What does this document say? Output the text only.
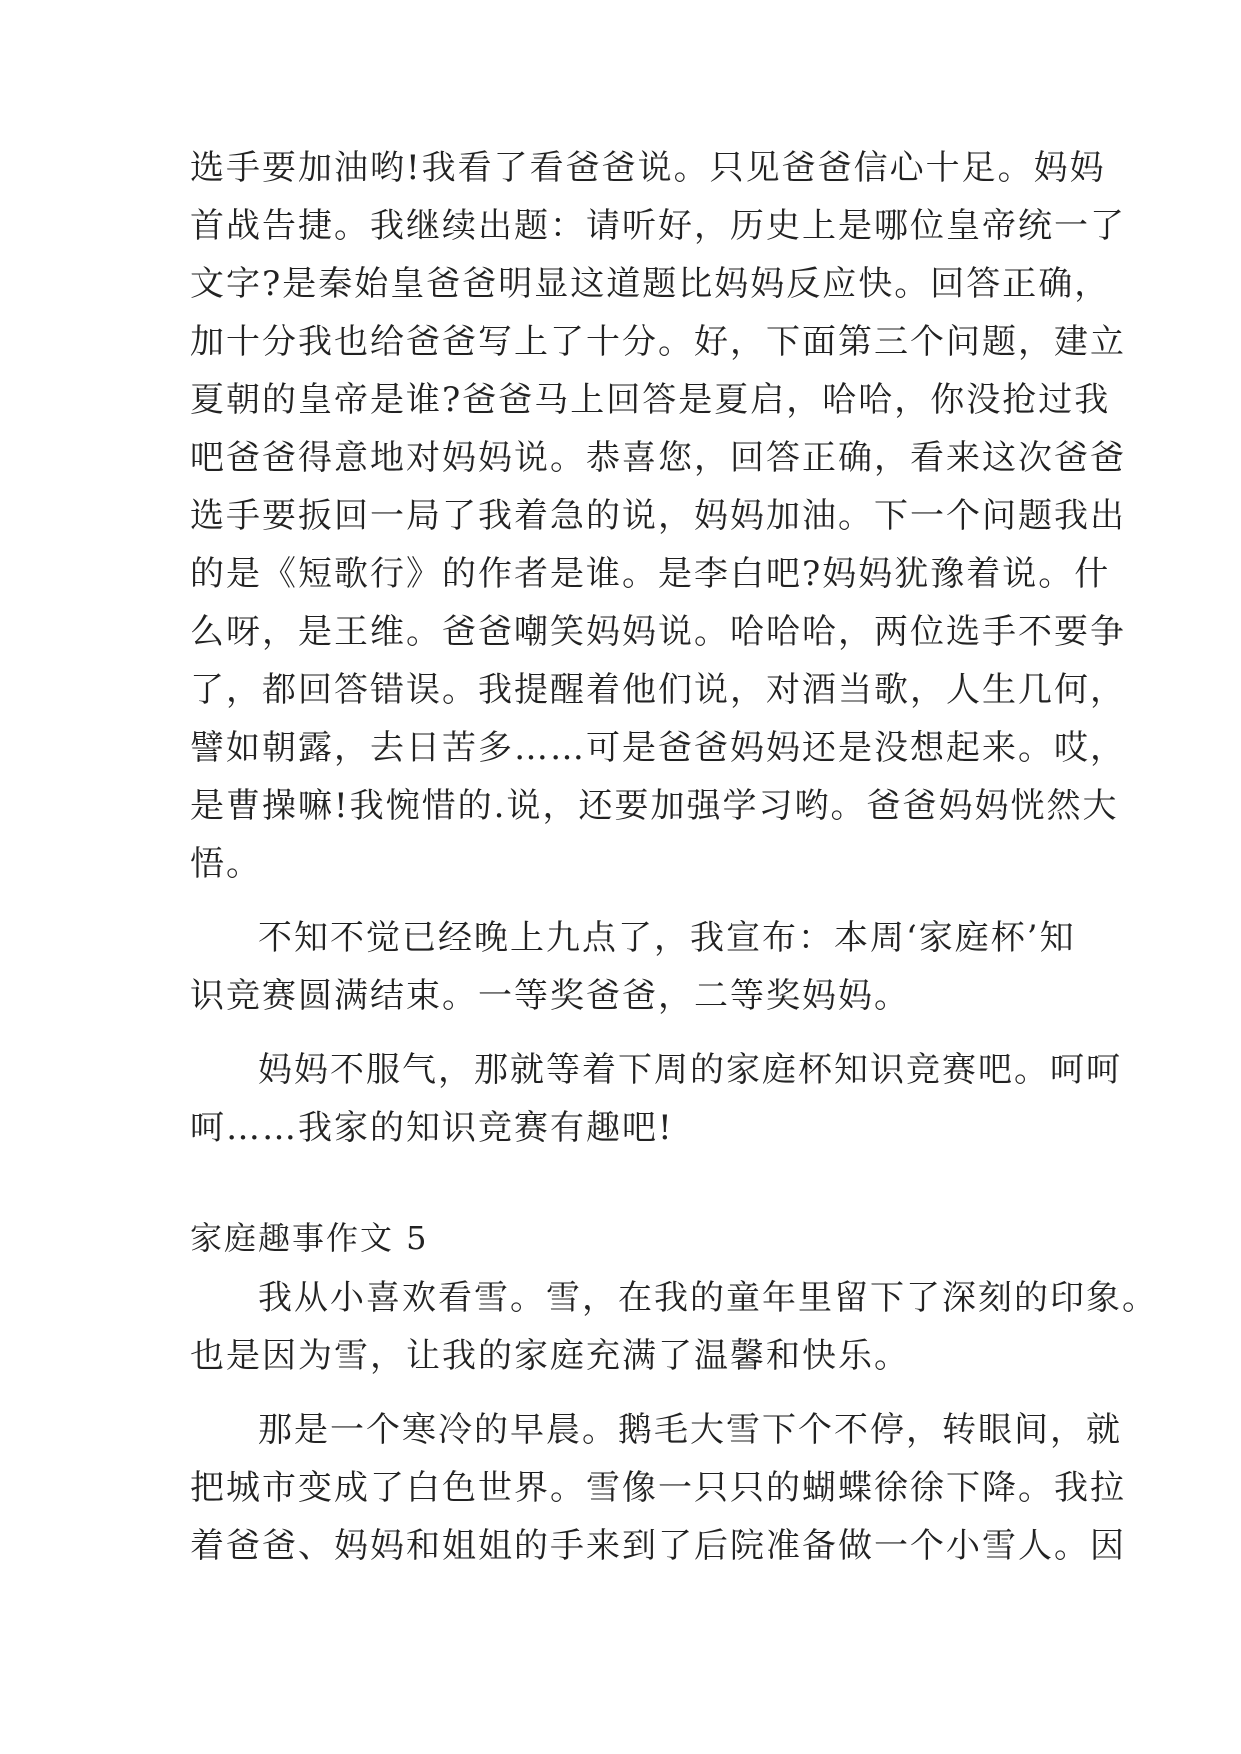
选手要加油哟!我看了看爸爸说。只见爸爸信心十足。妈妈
首战告捷。我继续出题：请听好，历史上是哪位皇帝统一了
文字?是秦始皇爸爸明显这道题比妈妈反应快。回答正确，
加十分我也给爸爸写上了十分。好，下面第三个问题，建立
夏朝的皇帝是谁?爸爸马上回答是夏启，哈哈，你没抢过我
吧爸爸得意地对妈妈说。恭喜您，回答正确，看来这次爸爸
选手要扳回一局了我着急的说，妈妈加油。下一个问题我出
的是《短歌行》的作者是谁。是李白吧?妈妈犹豫着说。什
么呀，是王维。爸爸嘲笑妈妈说。哈哈哈，两位选手不要争
了，都回答错误。我提醒着他们说，对酒当歌，人生几何，
譬如朝露，去日苦多……可是爸爸妈妈还是没想起来。哎，
是曹操嘛!我惋惜的.说，还要加强学习哟。爸爸妈妈恍然大
悟。
不知不觉已经晚上九点了，我宣布：本周‘家庭杯’知
识竞赛圆满结束。一等奖爸爸，二等奖妈妈。
妈妈不服气，那就等着下周的家庭杯知识竞赛吧。呵呵
呵……我家的知识竞赛有趣吧!
家庭趣事作文 5
我从小喜欢看雪。雪，在我的童年里留下了深刻的印象。
也是因为雪，让我的家庭充满了温馨和快乐。
那是一个寒冷的早晨。鹅毛大雪下个不停，转眼间，就
把城市变成了白色世界。雪像一只只的蝴蝶徐徐下降。我拉
着爸爸、妈妈和姐姐的手来到了后院准备做一个小雪人。因
